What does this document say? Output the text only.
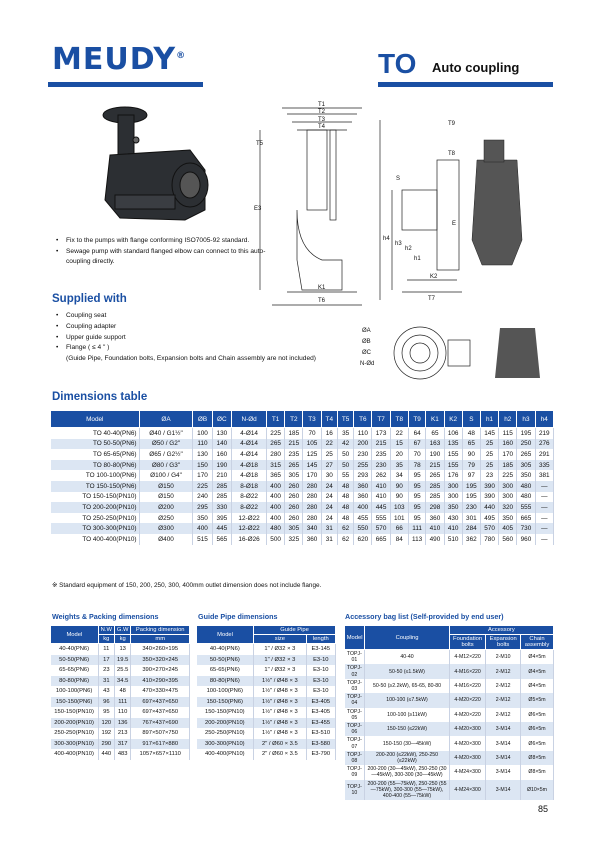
MEUDY®	TO Auto coupling
T1
T2
T3
T4
T5
E3
K1
T6
S
T8
T9
h4
h3
h2
h1
K2
T7
E
ØA
ØB
ØC
N-Ød
• Fix to the pumps with flange conforming ISO7005-92 standard.
• Sewage pump with standard flanged elbow can connect to this auto-coupling directly.
Supplied with
• Coupling seat
• Coupling adapter
• Upper guide support
• Flange ( ≤ 4 " )
(Guide Pipe, Foundation bolts, Expansion bolts and Chain assembly are not included)
Dimensions table
Model	ØA	ØB	ØC	N-Ød	T1	T2	T3	T4	T5	T6	T7	T8	T9	K1	K2	S	h1	h2	h3	h4
TO 40-40(PN6)	Ø40 / G1½"	100	130	4-Ø14	225	185	70	16	35	110	173	22	64	65	106	48	145	115	195	219
TO 50-50(PN6)	Ø50 / G2"	110	140	4-Ø14	265	215	105	22	42	200	215	15	67	163	135	65	25	160	250	276
TO 65-65(PN6)	Ø65 / G2½"	130	160	4-Ø14	280	235	125	25	50	230	235	20	70	190	155	90	25	170	265	291
TO 80-80(PN6)	Ø80 / G3"	150	190	4-Ø18	315	265	145	27	50	255	230	35	78	215	155	79	25	185	305	335
TO 100-100(PN6)	Ø100 / G4"	170	210	4-Ø18	365	305	170	30	55	293	262	34	95	265	176	97	23	225	350	381
TO 150-150(PN6)	Ø150	225	285	8-Ø18	400	260	280	24	48	360	410	90	95	285	300	195	390	300	480	—
TO 150-150(PN10)	Ø150	240	285	8-Ø22	400	260	280	24	48	360	410	90	95	285	300	195	390	300	480	—
TO 200-200(PN10)	Ø200	295	330	8-Ø22	400	260	280	24	48	400	445	103	95	298	350	230	440	320	555	—
TO 250-250(PN10)	Ø250	350	395	12-Ø22	400	260	280	24	48	455	555	101	95	360	430	301	495	350	665	—
TO 300-300(PN10)	Ø300	400	445	12-Ø22	480	305	340	31	62	550	570	66	111	410	410	284	570	405	730	—
TO 400-400(PN10)	Ø400	515	565	16-Ø26	500	325	360	31	62	620	665	84	113	490	510	362	780	560	960	—
※ Standard equipment of 150, 200, 250, 300, 400mm outlet dimension does not include flange.
Weights & Packing dimensions
Model	N.W	G.W	Packing dimension
	kg	kg	mm
40-40(PN6)	11	13	340×260×195
50-50(PN6)	17	19.5	350×320×245
65-65(PN6)	23	25.5	390×270×245
80-80(PN6)	31	34.5	410×290×395
100-100(PN6)	43	48	470×330×475
150-150(PN6)	96	111	697×437×650
150-150(PN10)	95	110	697×437×650
200-200(PN10)	120	136	767×437×690
250-250(PN10)	192	213	897×507×750
300-300(PN10)	290	317	917×617×880
400-400(PN10)	440	483	1057×657×1110
Guide Pipe dimensions
Model	Guide Pipe	
	size	length
40-40(PN6)	1" / Ø32 × 3	E3-145
50-50(PN6)	1" / Ø32 × 3	E3-10
65-65(PN6)	1" / Ø32 × 3	E3-10
80-80(PN6)	1½" / Ø48 × 3	E3-10
100-100(PN6)	1½" / Ø48 × 3	E3-10
150-150(PN6)	1½" / Ø48 × 3	E3-405
150-150(PN10)	1½" / Ø48 × 3	E3-405
200-200(PN10)	1½" / Ø48 × 3	E3-455
250-250(PN10)	1½" / Ø48 × 3	E3-510
300-300(PN10)	2" / Ø60 × 3.5	E3-580
400-400(PN10)	2" / Ø60 × 3.5	E3-790
Accessory bag list (Self-provided by end user)
Model	Coupling	Accessory		
		Foundation bolts	Expansion bolts	Chain assembly
TOPJ-01	40-40	4-M12×220	2-M10	Ø4×5m
TOPJ-02	50-50 (≤1.5kW)	4-M16×220	2-M12	Ø4×5m
TOPJ-03	50-50 (≥2.2kW), 65-65, 80-80	4-M16×220	2-M12	Ø4×5m
TOPJ-04	100-100 (≤7.5kW)	4-M20×220	2-M12	Ø5×5m
TOPJ-05	100-100 (≥11kW)	4-M20×220	2-M12	Ø6×5m
TOPJ-06	150-150 (≤22kW)	4-M20×300	3-M14	Ø6×5m
TOPJ-07	150-150 (30—45kW)	4-M20×300	3-M14	Ø6×5m
TOPJ-08	200-200 (≤22kW), 250-250 (≤22kW)	4-M20×300	3-M14	Ø8×5m
TOPJ-09	200-200 (30—45kW), 250-250 (30—45kW), 300-300 (30—45kW)	4-M24×300	3-M14	Ø8×5m
TOPJ-10	200-200 (55—75kW), 250-250 (55—75kW), 300-300 (55—75kW), 400-400 (55—75kW)	4-M24×300	3-M14	Ø10×5m
85
